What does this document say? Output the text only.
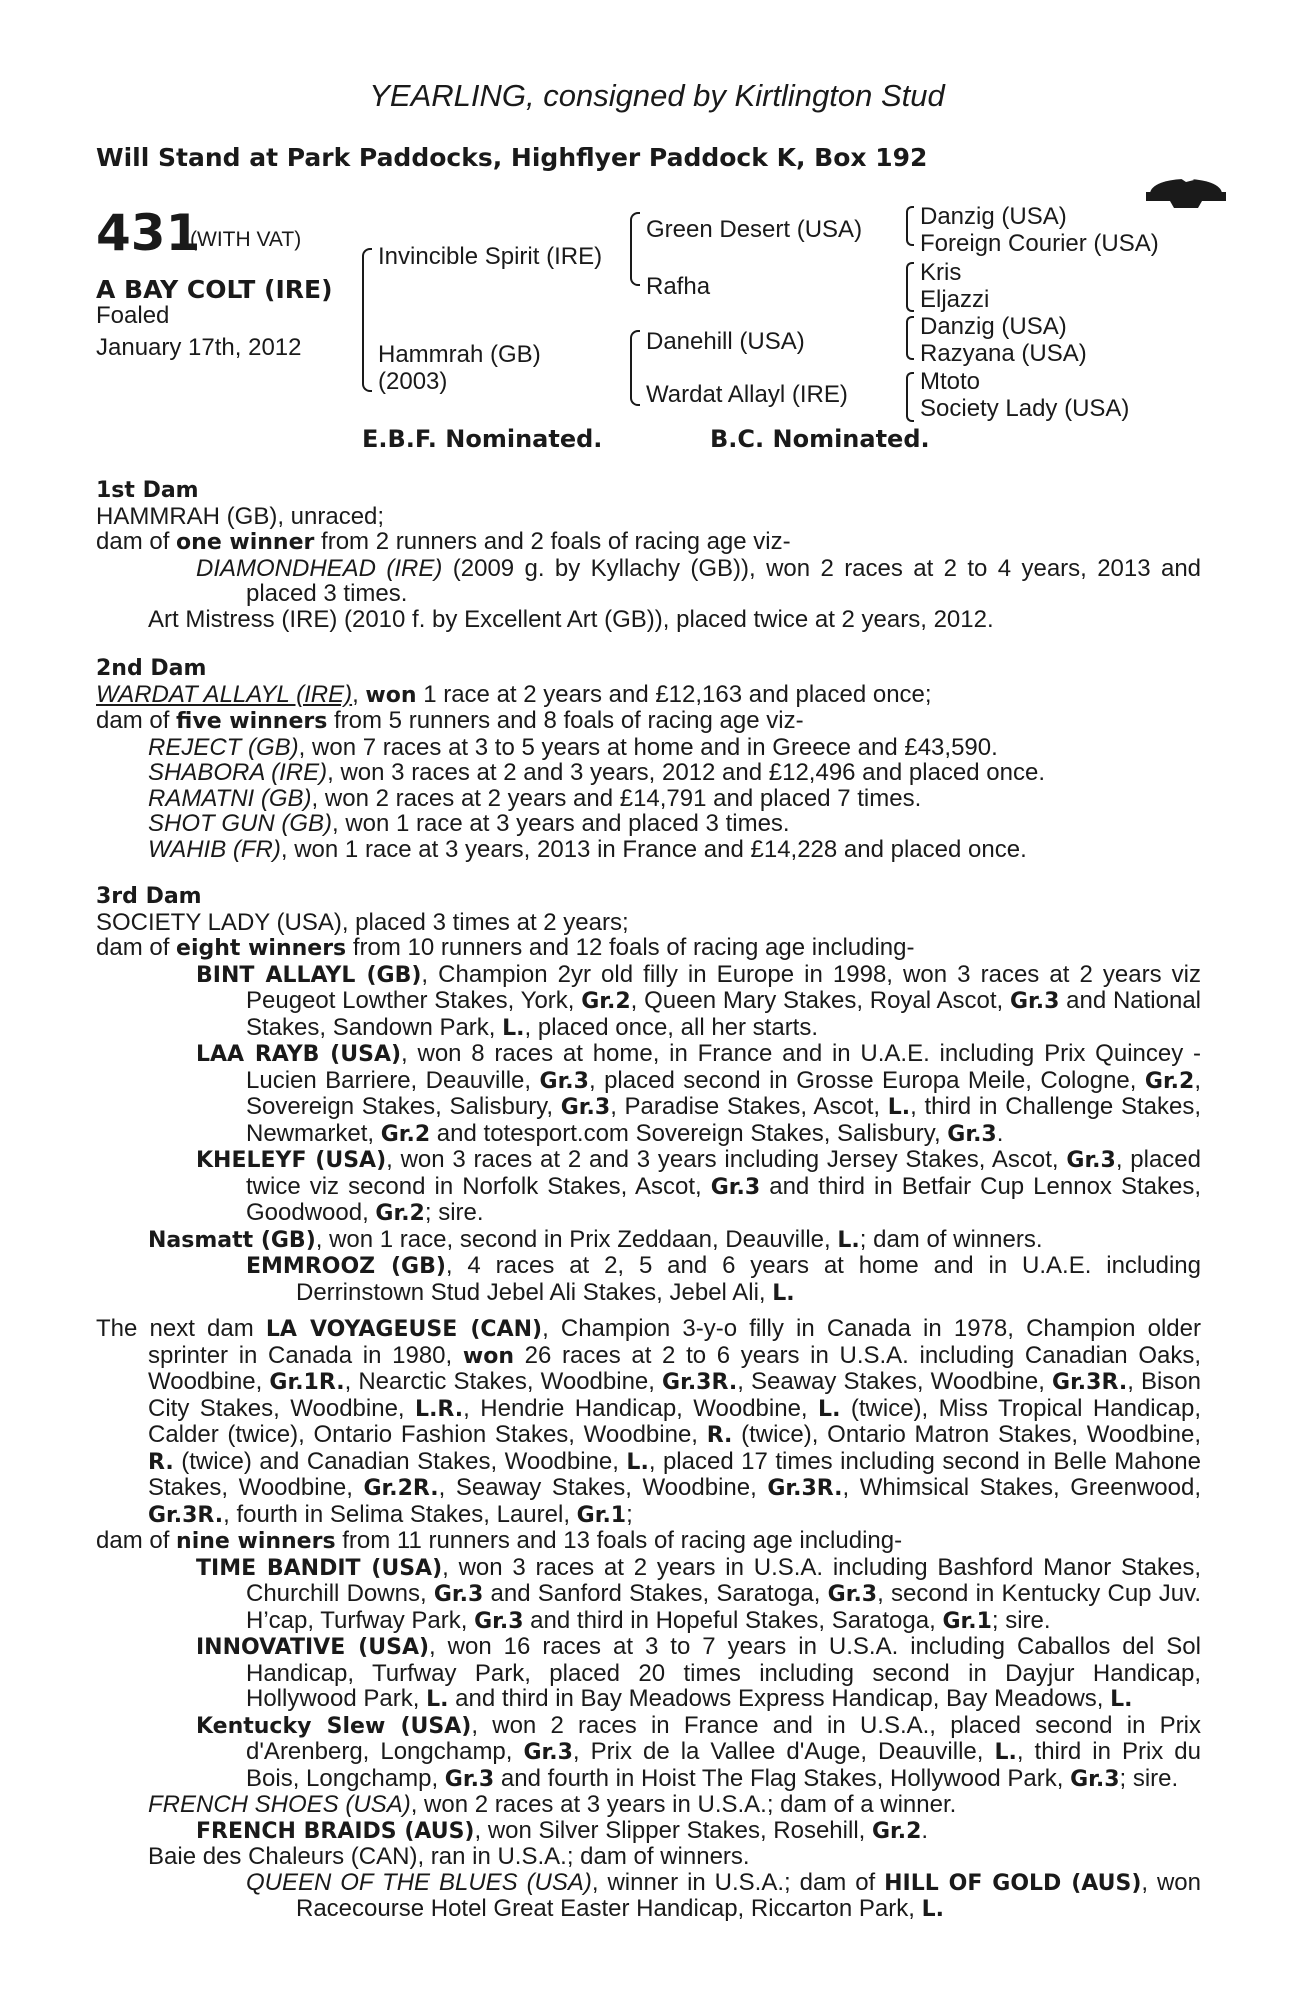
YEARLING, consigned by Kirtlington Stud
Will Stand at Park Paddocks, Highflyer Paddock K, Box 192
431
(WITH VAT)
A BAY COLT (IRE)
Foaled
January 17th, 2012
Invincible Spirit (IRE)
Hammrah (GB)
(2003)
Green Desert (USA)
Rafha
Danehill (USA)
Wardat Allayl (IRE)
Danzig (USA)
Foreign Courier (USA)
Kris
Eljazzi
Danzig (USA)
Razyana (USA)
Mtoto
Society Lady (USA)
E.B.F. Nominated.	B.C. Nominated.
1st Dam
HAMMRAH (GB), unraced;
dam of one winner from 2 runners and 2 foals of racing age viz-
DIAMONDHEAD (IRE) (2009 g. by Kyllachy (GB)), won 2 races at 2 to 4 years, 2013 and placed 3 times.
Art Mistress (IRE) (2010 f. by Excellent Art (GB)), placed twice at 2 years, 2012.
2nd Dam
WARDAT ALLAYL (IRE), won 1 race at 2 years and £12,163 and placed once;
dam of five winners from 5 runners and 8 foals of racing age viz-
REJECT (GB), won 7 races at 3 to 5 years at home and in Greece and £43,590.
SHABORA (IRE), won 3 races at 2 and 3 years, 2012 and £12,496 and placed once.
RAMATNI (GB), won 2 races at 2 years and £14,791 and placed 7 times.
SHOT GUN (GB), won 1 race at 3 years and placed 3 times.
WAHIB (FR), won 1 race at 3 years, 2013 in France and £14,228 and placed once.
3rd Dam
SOCIETY LADY (USA), placed 3 times at 2 years;
dam of eight winners from 10 runners and 12 foals of racing age including-
BINT ALLAYL (GB), Champion 2yr old filly in Europe in 1998, won 3 races at 2 years viz Peugeot Lowther Stakes, York, Gr.2, Queen Mary Stakes, Royal Ascot, Gr.3 and National Stakes, Sandown Park, L., placed once, all her starts.
LAA RAYB (USA), won 8 races at home, in France and in U.A.E. including Prix Quincey - Lucien Barriere, Deauville, Gr.3, placed second in Grosse Europa Meile, Cologne, Gr.2, Sovereign Stakes, Salisbury, Gr.3, Paradise Stakes, Ascot, L., third in Challenge Stakes, Newmarket, Gr.2 and totesport.com Sovereign Stakes, Salisbury, Gr.3.
KHELEYF (USA), won 3 races at 2 and 3 years including Jersey Stakes, Ascot, Gr.3, placed twice viz second in Norfolk Stakes, Ascot, Gr.3 and third in Betfair Cup Lennox Stakes, Goodwood, Gr.2; sire.
Nasmatt (GB), won 1 race, second in Prix Zeddaan, Deauville, L.; dam of winners.
EMMROOZ (GB), 4 races at 2, 5 and 6 years at home and in U.A.E. including Derrinstown Stud Jebel Ali Stakes, Jebel Ali, L.
The next dam LA VOYAGEUSE (CAN), Champion 3-y-o filly in Canada in 1978, Champion older sprinter in Canada in 1980, won 26 races at 2 to 6 years in U.S.A. including Canadian Oaks, Woodbine, Gr.1R., Nearctic Stakes, Woodbine, Gr.3R., Seaway Stakes, Woodbine, Gr.3R., Bison City Stakes, Woodbine, L.R., Hendrie Handicap, Woodbine, L. (twice), Miss Tropical Handicap, Calder (twice), Ontario Fashion Stakes, Woodbine, R. (twice), Ontario Matron Stakes, Woodbine, R. (twice) and Canadian Stakes, Woodbine, L., placed 17 times including second in Belle Mahone Stakes, Woodbine, Gr.2R., Seaway Stakes, Woodbine, Gr.3R., Whimsical Stakes, Greenwood, Gr.3R., fourth in Selima Stakes, Laurel, Gr.1;
dam of nine winners from 11 runners and 13 foals of racing age including-
TIME BANDIT (USA), won 3 races at 2 years in U.S.A. including Bashford Manor Stakes, Churchill Downs, Gr.3 and Sanford Stakes, Saratoga, Gr.3, second in Kentucky Cup Juv. H’cap, Turfway Park, Gr.3 and third in Hopeful Stakes, Saratoga, Gr.1; sire.
INNOVATIVE (USA), won 16 races at 3 to 7 years in U.S.A. including Caballos del Sol Handicap, Turfway Park, placed 20 times including second in Dayjur Handicap, Hollywood Park, L. and third in Bay Meadows Express Handicap, Bay Meadows, L.
Kentucky Slew (USA), won 2 races in France and in U.S.A., placed second in Prix d'Arenberg, Longchamp, Gr.3, Prix de la Vallee d'Auge, Deauville, L., third in Prix du Bois, Longchamp, Gr.3 and fourth in Hoist The Flag Stakes, Hollywood Park, Gr.3; sire.
FRENCH SHOES (USA), won 2 races at 3 years in U.S.A.; dam of a winner.
FRENCH BRAIDS (AUS), won Silver Slipper Stakes, Rosehill, Gr.2.
Baie des Chaleurs (CAN), ran in U.S.A.; dam of winners.
QUEEN OF THE BLUES (USA), winner in U.S.A.; dam of HILL OF GOLD (AUS), won Racecourse Hotel Great Easter Handicap, Riccarton Park, L.
